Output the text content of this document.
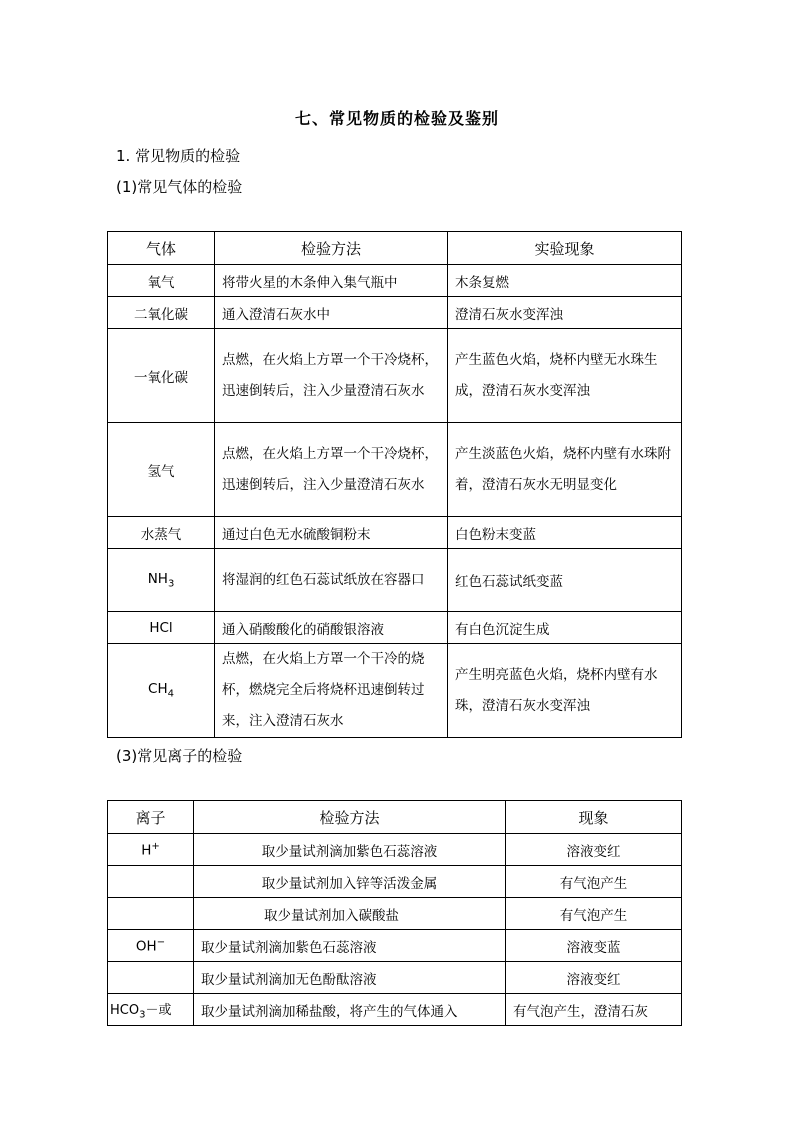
七、常见物质的检验及鉴别
1. 常见物质的检验
(1)常见气体的检验
气体	检验方法	实验现象
氧气	将带火星的木条伸入集气瓶中	木条复燃
二氧化碳	通入澄清石灰水中	澄清石灰水变浑浊
一氧化碳	点燃，在火焰上方罩一个干冷烧杯，迅速倒转后，注入少量澄清石灰水	产生蓝色火焰，烧杯内壁无水珠生成，澄清石灰水变浑浊
氢气	点燃，在火焰上方罩一个干冷烧杯，迅速倒转后，注入少量澄清石灰水	产生淡蓝色火焰，烧杯内壁有水珠附着，澄清石灰水无明显变化
水蒸气	通过白色无水硫酸铜粉末	白色粉末变蓝
$NH_3$	将湿润的红色石蕊试纸放在容器口	红色石蕊试纸变蓝
HCl	通入硝酸酸化的硝酸银溶液	有白色沉淀生成
$CH_4$	点燃，在火焰上方罩一个干冷的烧杯，燃烧完全后将烧杯迅速倒转过来，注入澄清石灰水	产生明亮蓝色火焰，烧杯内壁有水珠，澄清石灰水变浑浊
(3)常见离子的检验
离子	检验方法	现象
H+	取少量试剂滴加紫色石蕊溶液	溶液变红
	取少量试剂加入锌等活泼金属	有气泡产生
	取少量试剂加入碳酸盐	有气泡产生
OH−	取少量试剂滴加紫色石蕊溶液	溶液变蓝
	取少量试剂滴加无色酚酞溶液	溶液变红
$HCO_3-$或	取少量试剂滴加稀盐酸，将产生的气体通入	有气泡产生，澄清石灰
